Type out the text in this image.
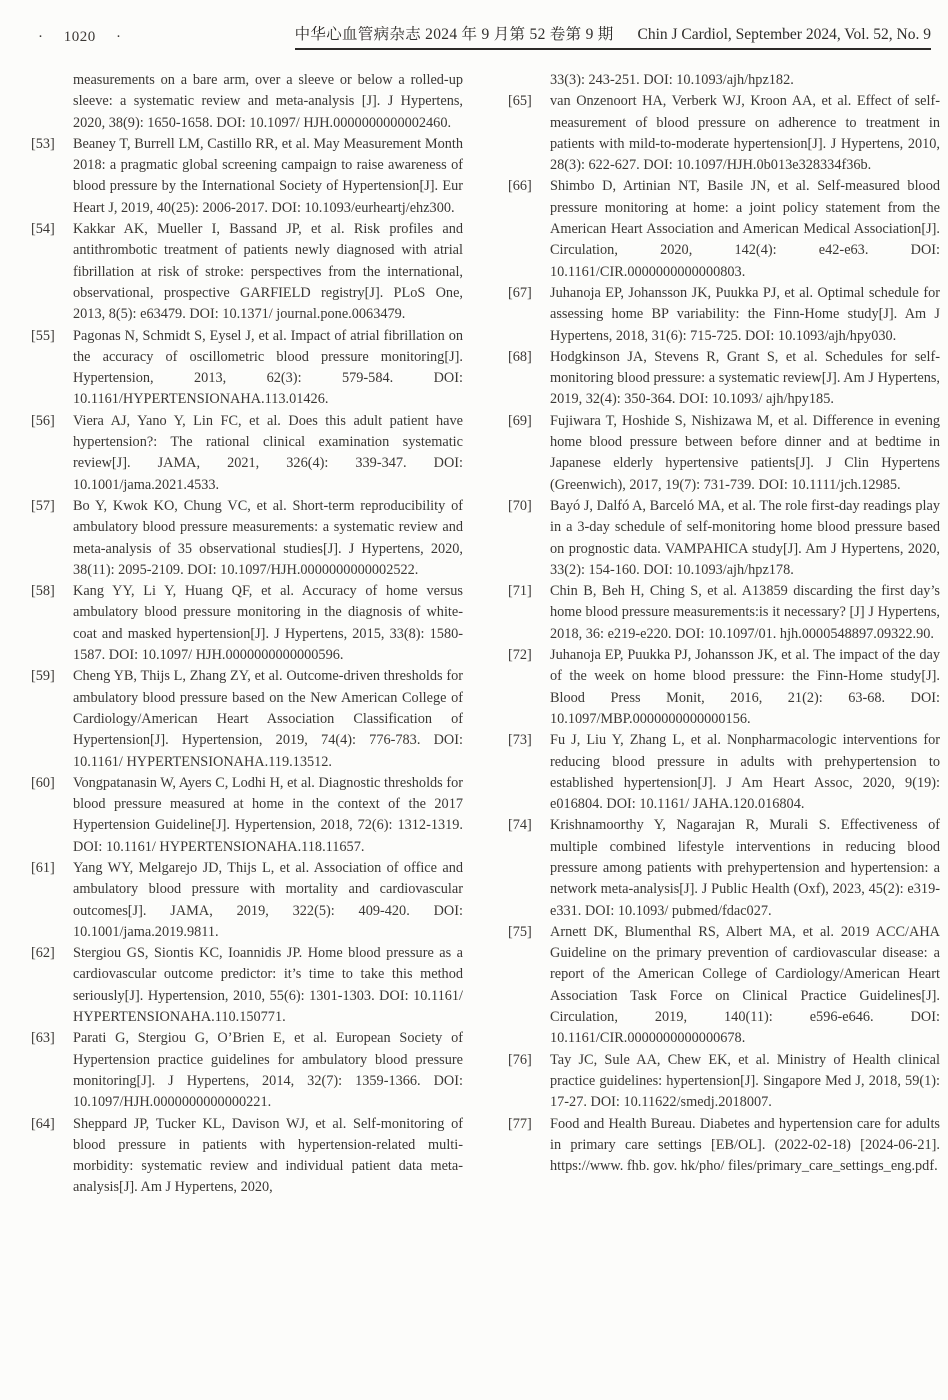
· 1020 ·	中华心血管病杂志 2024 年 9 月第 52 卷第 9 期 Chin J Cardiol, September 2024, Vol. 52, No. 9
measurements on a bare arm, over a sleeve or below a rolled-up sleeve: a systematic review and meta-analysis [J]. J Hypertens, 2020, 38(9): 1650-1658. DOI: 10.1097/ HJH.0000000000002460.
[53]	Beaney T, Burrell LM, Castillo RR, et al. May Measurement Month 2018: a pragmatic global screening campaign to raise awareness of blood pressure by the International Society of Hypertension[J]. Eur Heart J, 2019, 40(25): 2006-2017. DOI: 10.1093/eurheartj/ehz300.
[54]	Kakkar AK, Mueller I, Bassand JP, et al. Risk profiles and antithrombotic treatment of patients newly diagnosed with atrial fibrillation at risk of stroke: perspectives from the international, observational, prospective GARFIELD registry[J]. PLoS One, 2013, 8(5): e63479. DOI: 10.1371/ journal.pone.0063479.
[55]	Pagonas N, Schmidt S, Eysel J, et al. Impact of atrial fibrillation on the accuracy of oscillometric blood pressure monitoring[J]. Hypertension, 2013, 62(3): 579-584. DOI: 10.1161/HYPERTENSIONAHA.113.01426.
[56]	Viera AJ, Yano Y, Lin FC, et al. Does this adult patient have hypertension?: The rational clinical examination systematic review[J]. JAMA, 2021, 326(4): 339-347. DOI: 10.1001/jama.2021.4533.
[57]	Bo Y, Kwok KO, Chung VC, et al. Short-term reproducibility of ambulatory blood pressure measurements: a systematic review and meta-analysis of 35 observational studies[J]. J Hypertens, 2020, 38(11): 2095-2109. DOI: 10.1097/HJH.0000000000002522.
[58]	Kang YY, Li Y, Huang QF, et al. Accuracy of home versus ambulatory blood pressure monitoring in the diagnosis of white-coat and masked hypertension[J]. J Hypertens, 2015, 33(8): 1580-1587. DOI: 10.1097/ HJH.0000000000000596.
[59]	Cheng YB, Thijs L, Zhang ZY, et al. Outcome-driven thresholds for ambulatory blood pressure based on the New American College of Cardiology/American Heart Association Classification of Hypertension[J]. Hypertension, 2019, 74(4): 776-783. DOI: 10.1161/ HYPERTENSIONAHA.119.13512.
[60]	Vongpatanasin W, Ayers C, Lodhi H, et al. Diagnostic thresholds for blood pressure measured at home in the context of the 2017 Hypertension Guideline[J]. Hypertension, 2018, 72(6): 1312-1319. DOI: 10.1161/ HYPERTENSIONAHA.118.11657.
[61]	Yang WY, Melgarejo JD, Thijs L, et al. Association of office and ambulatory blood pressure with mortality and cardiovascular outcomes[J]. JAMA, 2019, 322(5): 409-420. DOI: 10.1001/jama.2019.9811.
[62]	Stergiou GS, Siontis KC, Ioannidis JP. Home blood pressure as a cardiovascular outcome predictor: it’s time to take this method seriously[J]. Hypertension, 2010, 55(6): 1301-1303. DOI: 10.1161/ HYPERTENSIONAHA.110.150771.
[63]	Parati G, Stergiou G, O’Brien E, et al. European Society of Hypertension practice guidelines for ambulatory blood pressure monitoring[J]. J Hypertens, 2014, 32(7): 1359-1366. DOI: 10.1097/HJH.0000000000000221.
[64]	Sheppard JP, Tucker KL, Davison WJ, et al. Self-monitoring of blood pressure in patients with hypertension-related multi-morbidity: systematic review and individual patient data meta-analysis[J]. Am J Hypertens, 2020,
33(3): 243-251. DOI: 10.1093/ajh/hpz182.
[65]	van Onzenoort HA, Verberk WJ, Kroon AA, et al. Effect of self-measurement of blood pressure on adherence to treatment in patients with mild-to-moderate hypertension[J]. J Hypertens, 2010, 28(3): 622-627. DOI: 10.1097/HJH.0b013e328334f36b.
[66]	Shimbo D, Artinian NT, Basile JN, et al. Self-measured blood pressure monitoring at home: a joint policy statement from the American Heart Association and American Medical Association[J]. Circulation, 2020, 142(4): e42-e63. DOI: 10.1161/CIR.0000000000000803.
[67]	Juhanoja EP, Johansson JK, Puukka PJ, et al. Optimal schedule for assessing home BP variability: the Finn-Home study[J]. Am J Hypertens, 2018, 31(6): 715-725. DOI: 10.1093/ajh/hpy030.
[68]	Hodgkinson JA, Stevens R, Grant S, et al. Schedules for self-monitoring blood pressure: a systematic review[J]. Am J Hypertens, 2019, 32(4): 350-364. DOI: 10.1093/ ajh/hpy185.
[69]	Fujiwara T, Hoshide S, Nishizawa M, et al. Difference in evening home blood pressure between before dinner and at bedtime in Japanese elderly hypertensive patients[J]. J Clin Hypertens (Greenwich), 2017, 19(7): 731-739. DOI: 10.1111/jch.12985.
[70]	Bayó J, Dalfó A, Barceló MA, et al. The role first-day readings play in a 3-day schedule of self-monitoring home blood pressure based on prognostic data. VAMPAHICA study[J]. Am J Hypertens, 2020, 33(2): 154-160. DOI: 10.1093/ajh/hpz178.
[71]	Chin B, Beh H, Ching S, et al. A13859 discarding the first day’s home blood pressure measurements:is it necessary? [J] J Hypertens, 2018, 36: e219-e220. DOI: 10.1097/01. hjh.0000548897.09322.90.
[72]	Juhanoja EP, Puukka PJ, Johansson JK, et al. The impact of the day of the week on home blood pressure: the Finn-Home study[J]. Blood Press Monit, 2016, 21(2): 63-68. DOI: 10.1097/MBP.0000000000000156.
[73]	Fu J, Liu Y, Zhang L, et al. Nonpharmacologic interventions for reducing blood pressure in adults with prehypertension to established hypertension[J]. J Am Heart Assoc, 2020, 9(19): e016804. DOI: 10.1161/ JAHA.120.016804.
[74]	Krishnamoorthy Y, Nagarajan R, Murali S. Effectiveness of multiple combined lifestyle interventions in reducing blood pressure among patients with prehypertension and hypertension: a network meta-analysis[J]. J Public Health (Oxf), 2023, 45(2): e319-e331. DOI: 10.1093/ pubmed/fdac027.
[75]	Arnett DK, Blumenthal RS, Albert MA, et al. 2019 ACC/AHA Guideline on the primary prevention of cardiovascular disease: a report of the American College of Cardiology/American Heart Association Task Force on Clinical Practice Guidelines[J]. Circulation, 2019, 140(11): e596-e646. DOI: 10.1161/CIR.0000000000000678.
[76]	Tay JC, Sule AA, Chew EK, et al. Ministry of Health clinical practice guidelines: hypertension[J]. Singapore Med J, 2018, 59(1): 17-27. DOI: 10.11622/smedj.2018007.
[77]	Food and Health Bureau. Diabetes and hypertension care for adults in primary care settings [EB/OL]. (2022-02-18) [2024-06-21]. https://www. fhb. gov. hk/pho/ files/primary_care_settings_eng.pdf.
